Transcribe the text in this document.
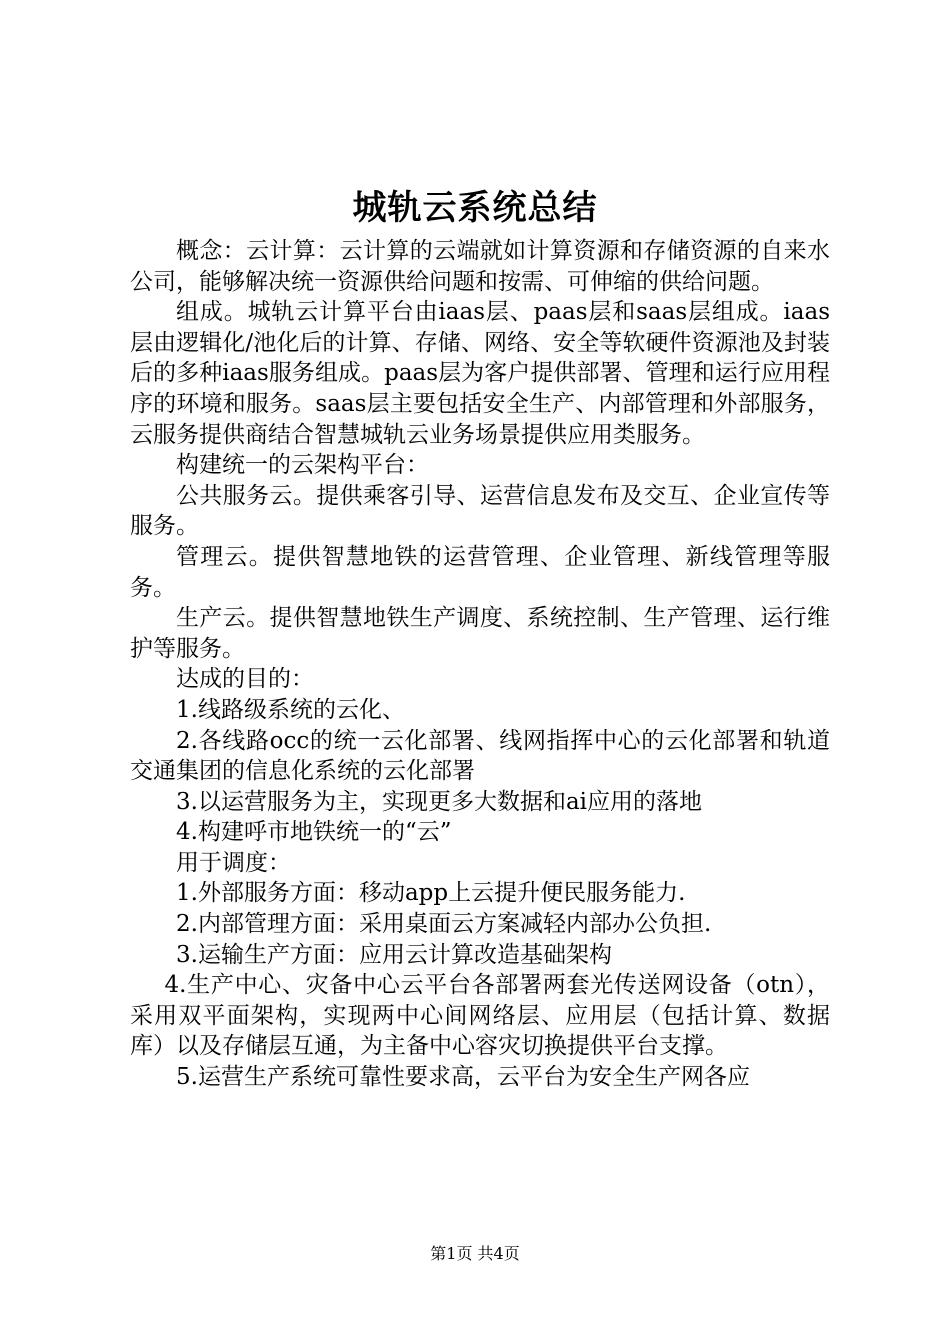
城轨云系统总结

概念：云计算：云计算的云端就如计算资源和存储资源的自来水公司，能够解决统一资源供给问题和按需、可伸缩的供给问题。

组成。城轨云计算平台由iaas层、paas层和saas层组成。iaas层由逻辑化/池化后的计算、存储、网络、安全等软硬件资源池及封装后的多种iaas服务组成。paas层为客户提供部署、管理和运行应用程序的环境和服务。saas层主要包括安全生产、内部管理和外部服务，云服务提供商结合智慧城轨云业务场景提供应用类服务。

构建统一的云架构平台：

公共服务云。提供乘客引导、运营信息发布及交互、企业宣传等服务。

管理云。提供智慧地铁的运营管理、企业管理、新线管理等服务。

生产云。提供智慧地铁生产调度、系统控制、生产管理、运行维护等服务。

达成的目的：

1.线路级系统的云化、

2.各线路occ的统一云化部署、线网指挥中心的云化部署和轨道交通集团的信息化系统的云化部署

3.以运营服务为主，实现更多大数据和ai应用的落地

4.构建呼市地铁统一的“云”

用于调度：

1.外部服务方面：移动app上云提升便民服务能力.

2.内部管理方面：采用桌面云方案减轻内部办公负担.

3.运输生产方面：应用云计算改造基础架构

4.生产中心、灾备中心云平台各部署两套光传送网设备（otn），采用双平面架构，实现两中心间网络层、应用层（包括计算、数据库）以及存储层互通，为主备中心容灾切换提供平台支撑。

5.运营生产系统可靠性要求高，云平台为安全生产网各应

第1页 共4页
